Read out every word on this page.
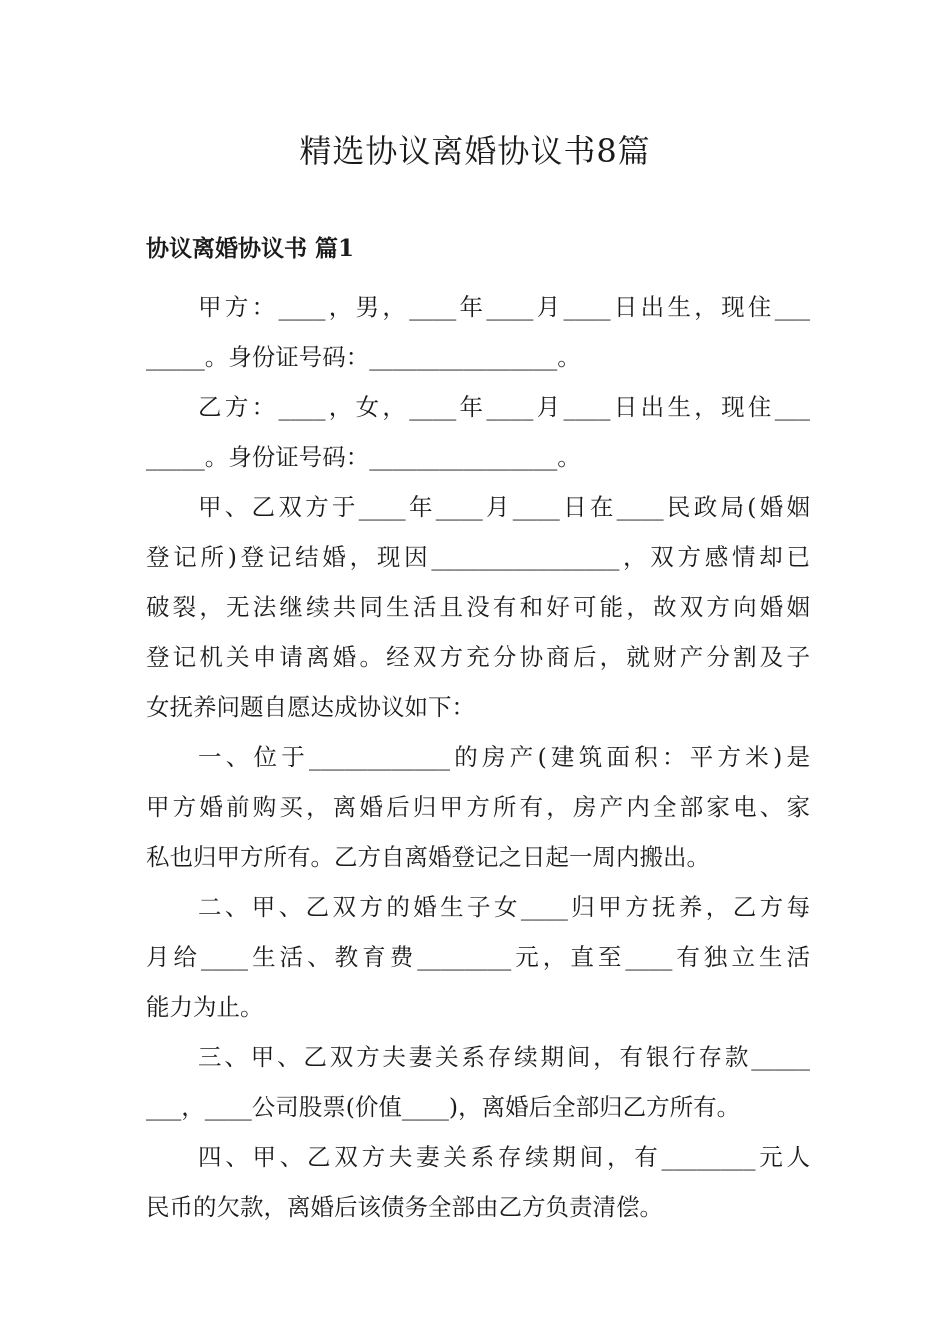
精选协议离婚协议书8篇
协议离婚协议书 篇1
甲方：____，男，____年____月____日出生，现住___
_____。身份证号码：________________。
乙方：____，女，____年____月____日出生，现住___
_____。身份证号码：________________。
甲、乙双方于____年____月____日在____民政局(婚姻
登记所)登记结婚，现因________________，双方感情却已
破裂，无法继续共同生活且没有和好可能，故双方向婚姻
登记机关申请离婚。经双方充分协商后，就财产分割及子
女抚养问题自愿达成协议如下：
一、位于____________的房产(建筑面积：平方米)是
甲方婚前购买，离婚后归甲方所有，房产内全部家电、家
私也归甲方所有。乙方自离婚登记之日起一周内搬出。
二、甲、乙双方的婚生子女____归甲方抚养，乙方每
月给____生活、教育费________元，直至____有独立生活
能力为止。
三、甲、乙双方夫妻关系存续期间，有银行存款_____
___，____公司股票(价值____)，离婚后全部归乙方所有。
四、甲、乙双方夫妻关系存续期间，有________元人
民币的欠款，离婚后该债务全部由乙方负责清偿。
